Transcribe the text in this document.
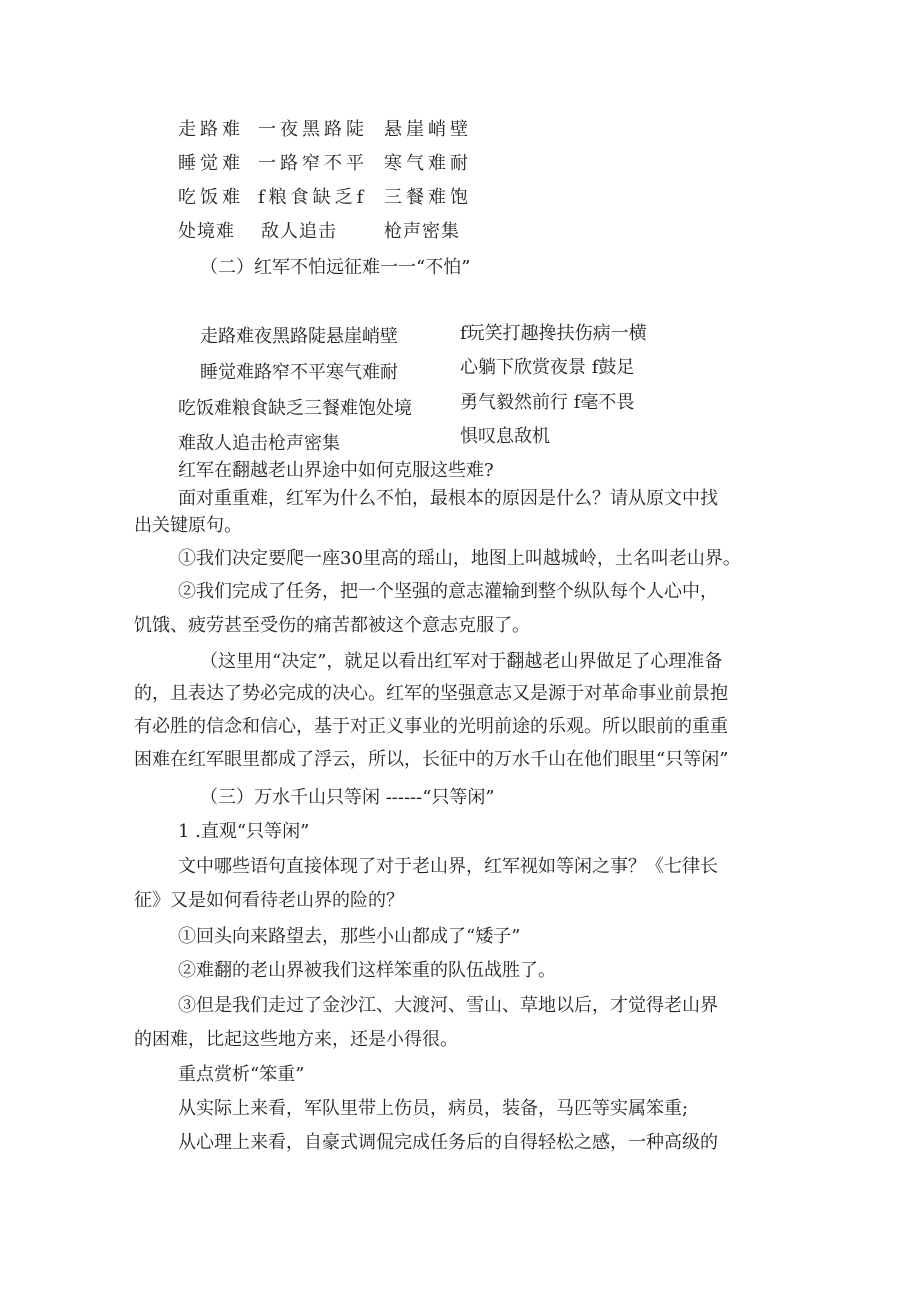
走路难 一夜黑路陡 悬崖峭壁
睡觉难 一路窄不平 寒气难耐
吃饭难 f粮食缺乏f 三餐难饱
处境难 敌人追击	枪声密集
（二）红军不怕远征难一一“不怕”
走路难夜黑路陡悬崖峭壁
睡觉难路窄不平寒气难耐
吃饭难粮食缺乏三餐难饱处境
难敌人追击枪声密集
f玩笑打趣搀扶伤病一横
心躺下欣赏夜景 f鼓足
勇气毅然前行 f毫不畏
惧叹息敌机
红军在翻越老山界途中如何克服这些难?
面对重重难，红军为什么不怕，最根本的原因是什么？请从原文中找
出关键原句。
①我们决定要爬一座30里高的瑶山，地图上叫越城岭，土名叫老山界。
②我们完成了任务，把一个坚强的意志灌输到整个纵队每个人心中，
饥饿、疲劳甚至受伤的痛苦都被这个意志克服了。
（这里用“决定”，就足以看出红军对于翻越老山界做足了心理准备
的，且表达了势必完成的决心。红军的坚强意志又是源于对革命事业前景抱
有必胜的信念和信心，基于对正义事业的光明前途的乐观。所以眼前的重重
困难在红军眼里都成了浮云，所以，长征中的万水千山在他们眼里“只等闲”
（三）万水千山只等闲 ------“只等闲”
1 .直观“只等闲”
文中哪些语句直接体现了对于老山界，红军视如等闲之事？《七律长
征》又是如何看待老山界的险的？
①回头向来路望去，那些小山都成了“矮子”
②难翻的老山界被我们这样笨重的队伍战胜了。
③但是我们走过了金沙江、大渡河、雪山、草地以后，才觉得老山界
的困难，比起这些地方来，还是小得很。
重点赏析“笨重”
从实际上来看，军队里带上伤员，病员，装备，马匹等实属笨重;
从心理上来看，自豪式调侃完成任务后的自得轻松之感，一种高级的
